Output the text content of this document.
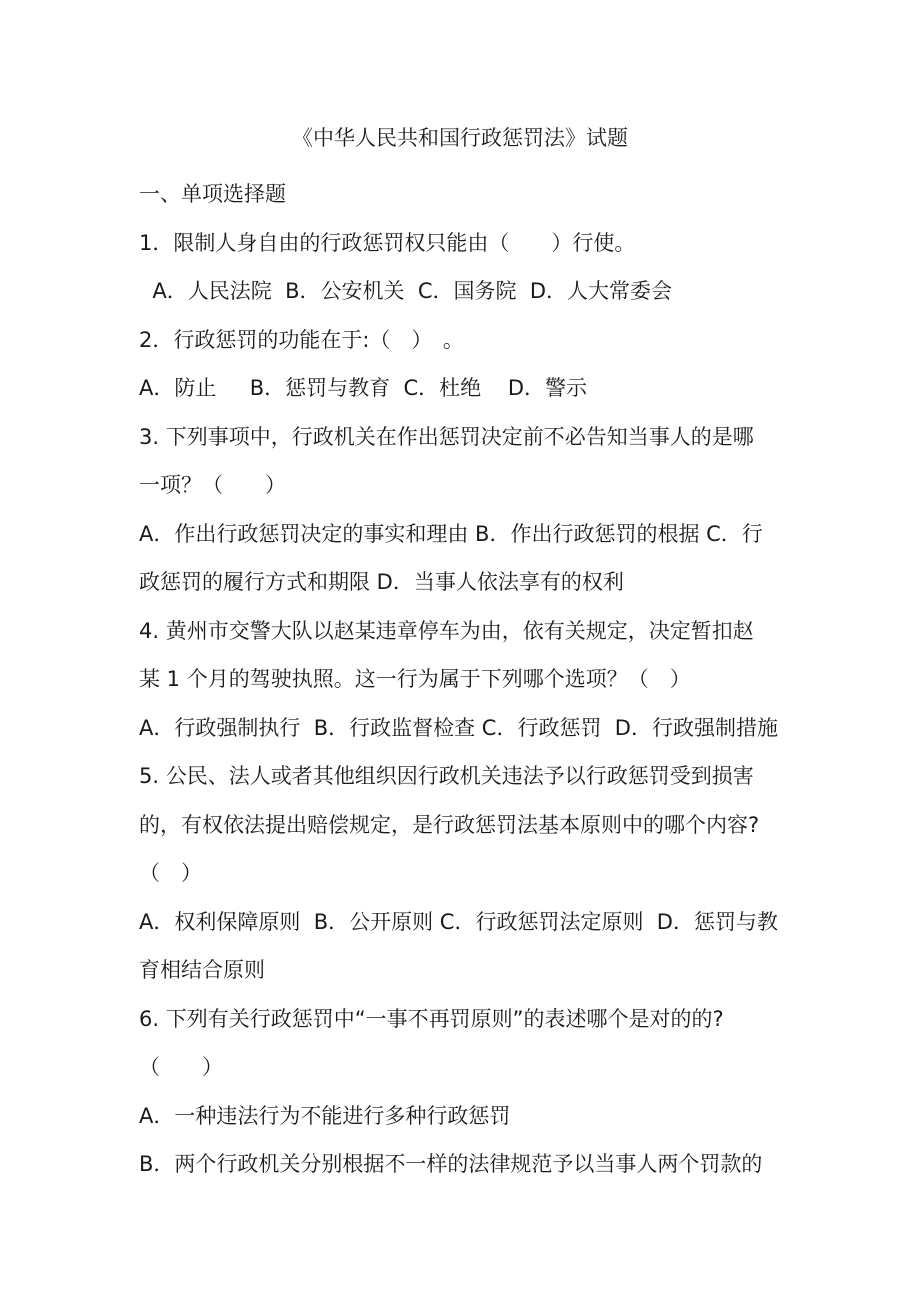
《中华人民共和国行政惩罚法》试题
一、单项选择题
1．限制人身自由的行政惩罚权只能由（　　）行使。
A．人民法院  B．公安机关  C．国务院  D．人大常委会
2．行政惩罚的功能在于:（　）　。
A．防止     B．惩罚与教育  C．杜绝    D．警示
3. 下列事项中，行政机关在作出惩罚决定前不必告知当事人的是哪
一项？（　　）
A．作出行政惩罚决定的事实和理由 B．作出行政惩罚的根据 C．行
政惩罚的履行方式和期限 D．当事人依法享有的权利
4. 黄州市交警大队以赵某违章停车为由，依有关规定，决定暂扣赵
某 1 个月的驾驶执照。这一行为属于下列哪个选项？（　）
A．行政强制执行  B．行政监督检查 C．行政惩罚  D．行政强制措施
5. 公民、法人或者其他组织因行政机关违法予以行政惩罚受到损害
的，有权依法提出赔偿规定，是行政惩罚法基本原则中的哪个内容?
（　）
A．权利保障原则  B．公开原则 C．行政惩罚法定原则  D．惩罚与教
育相结合原则
6. 下列有关行政惩罚中“一事不再罚原则”的表述哪个是对的的?
（　　）
A．一种违法行为不能进行多种行政惩罚
B．两个行政机关分别根据不一样的法律规范予以当事人两个罚款的
